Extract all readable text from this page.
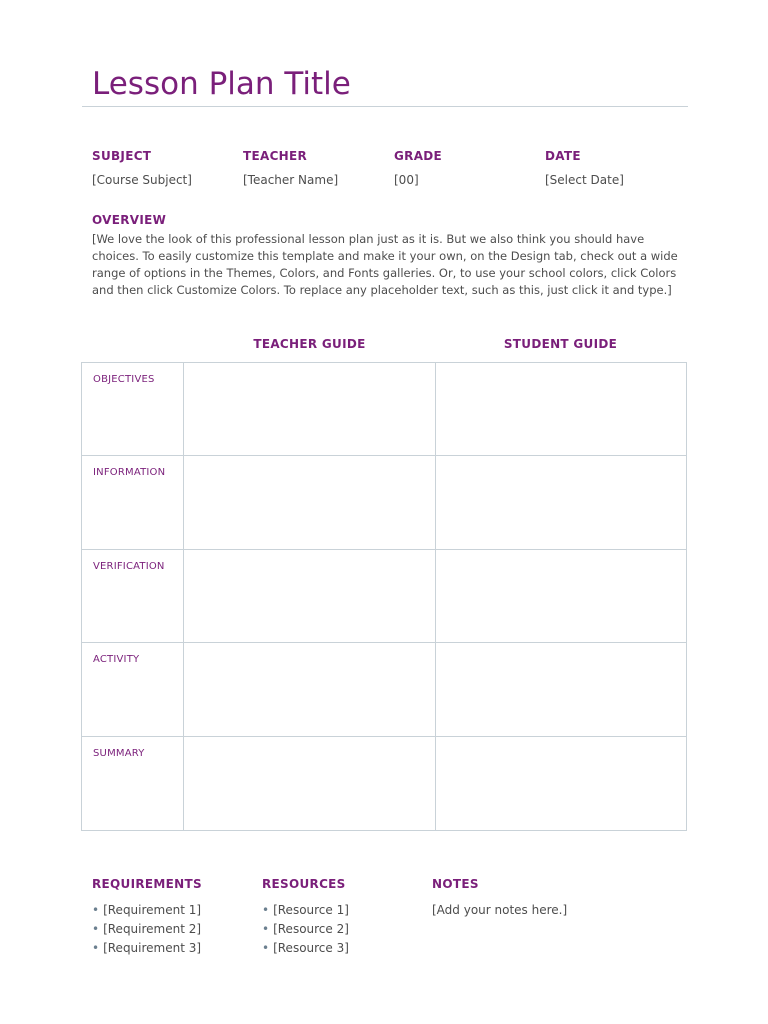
Lesson Plan Title
SUBJECT
[Course Subject]
TEACHER
[Teacher Name]
GRADE
[00]
DATE
[Select Date]
OVERVIEW

[We love the look of this professional lesson plan just as it is. But we also think you should have choices. To easily customize this template and make it your own, on the Design tab, check out a wide range of options in the Themes, Colors, and Fonts galleries. Or, to use your school colors, click Colors and then click Customize Colors. To replace any placeholder text, such as this, just click it and type.]

TEACHER GUIDE	STUDENT GUIDE
OBJECTIVES
INFORMATION
VERIFICATION
ACTIVITY
SUMMARY
REQUIREMENTS
• [Requirement 1]
• [Requirement 2]
• [Requirement 3]
RESOURCES
• [Resource 1]
• [Resource 2]
• [Resource 3]
NOTES
[Add your notes here.]
